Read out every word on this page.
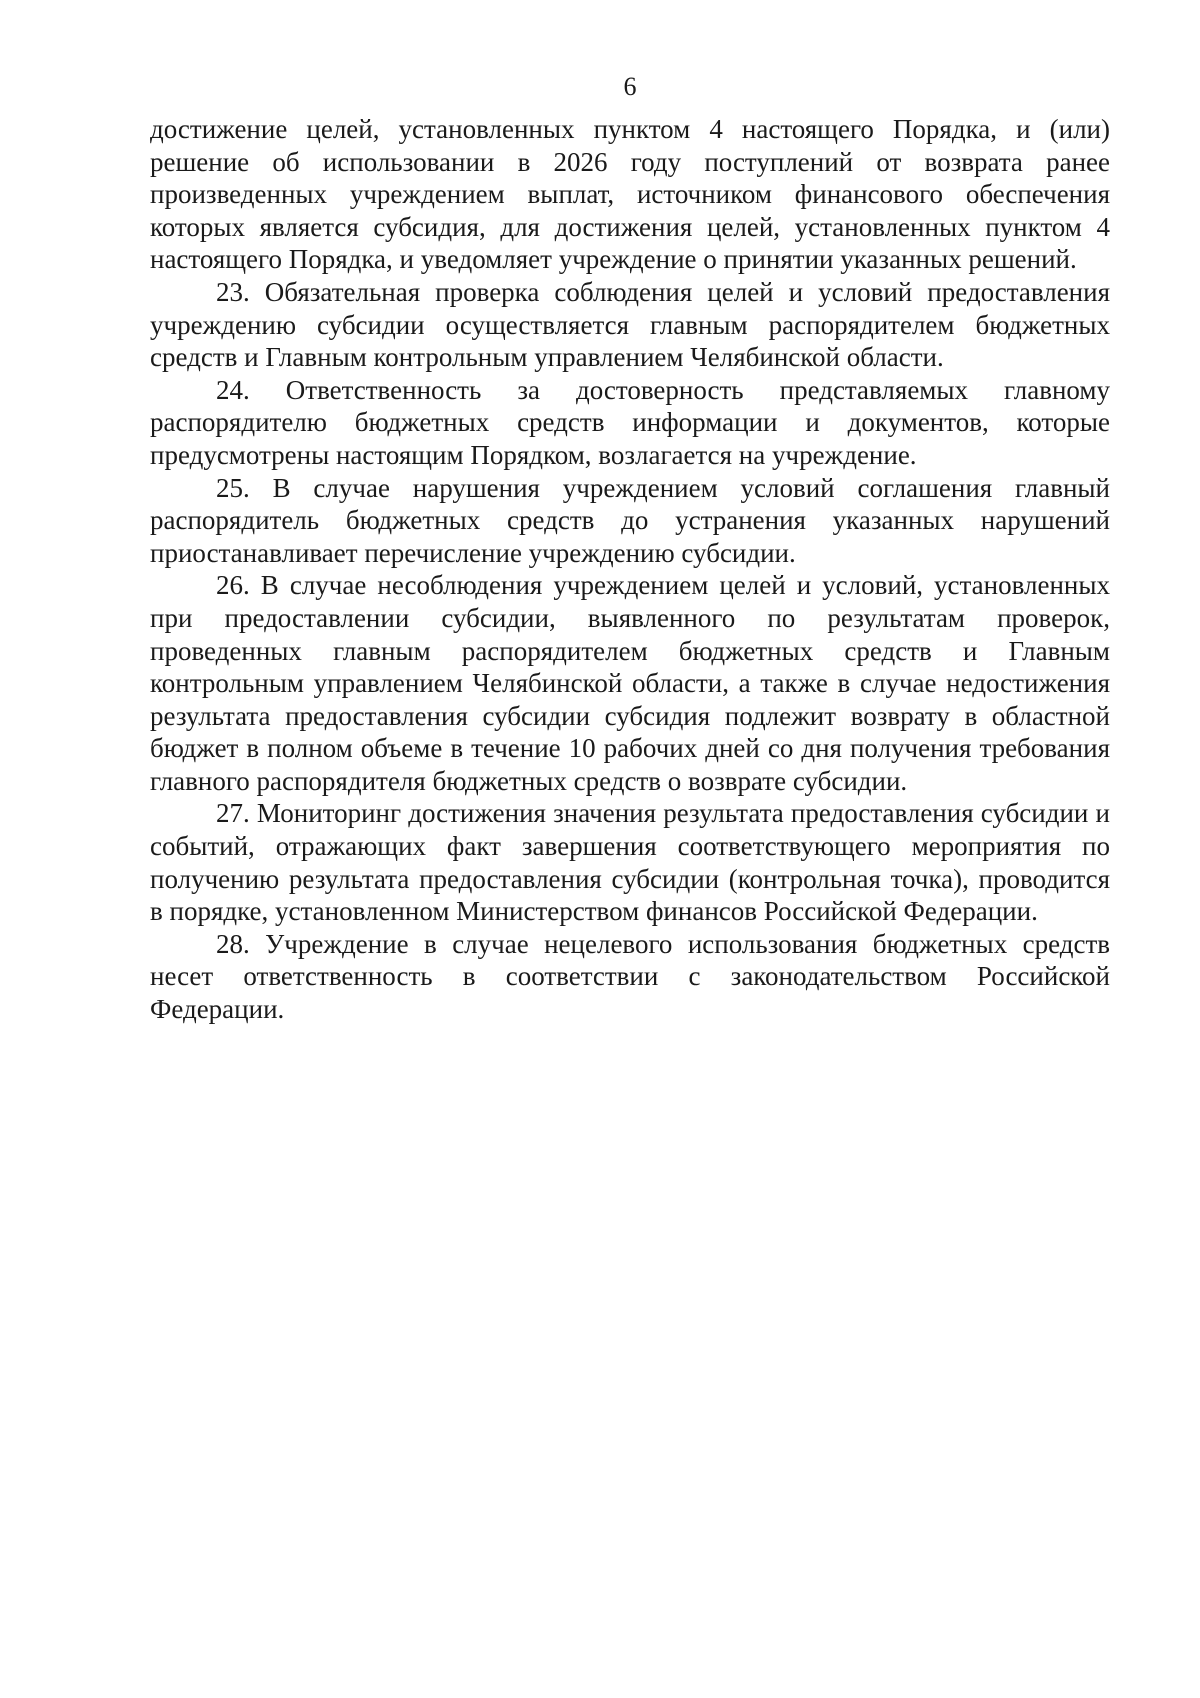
6

достижение целей, установленных пунктом 4 настоящего Порядка, и (или) решение об использовании в 2026 году поступлений от возврата ранее произведенных учреждением выплат, источником финансового обеспечения которых является субсидия, для достижения целей, установленных пунктом 4 настоящего Порядка, и уведомляет учреждение о принятии указанных решений.

23. Обязательная проверка соблюдения целей и условий предоставления учреждению субсидии осуществляется главным распорядителем бюджетных средств и Главным контрольным управлением Челябинской области.

24. Ответственность за достоверность представляемых главному распорядителю бюджетных средств информации и документов, которые предусмотрены настоящим Порядком, возлагается на учреждение.

25. В случае нарушения учреждением условий соглашения главный распорядитель бюджетных средств до устранения указанных нарушений приостанавливает перечисление учреждению субсидии.

26. В случае несоблюдения учреждением целей и условий, установленных при предоставлении субсидии, выявленного по результатам проверок, проведенных главным распорядителем бюджетных средств и Главным контрольным управлением Челябинской области, а также в случае недостижения результата предоставления субсидии субсидия подлежит возврату в областной бюджет в полном объеме в течение 10 рабочих дней со дня получения требования главного распорядителя бюджетных средств о возврате субсидии.

27. Мониторинг достижения значения результата предоставления субсидии и событий, отражающих факт завершения соответствующего мероприятия по получению результата предоставления субсидии (контрольная точка), проводится в порядке, установленном Министерством финансов Российской Федерации.

28. Учреждение в случае нецелевого использования бюджетных средств несет ответственность в соответствии с законодательством Российской Федерации.
